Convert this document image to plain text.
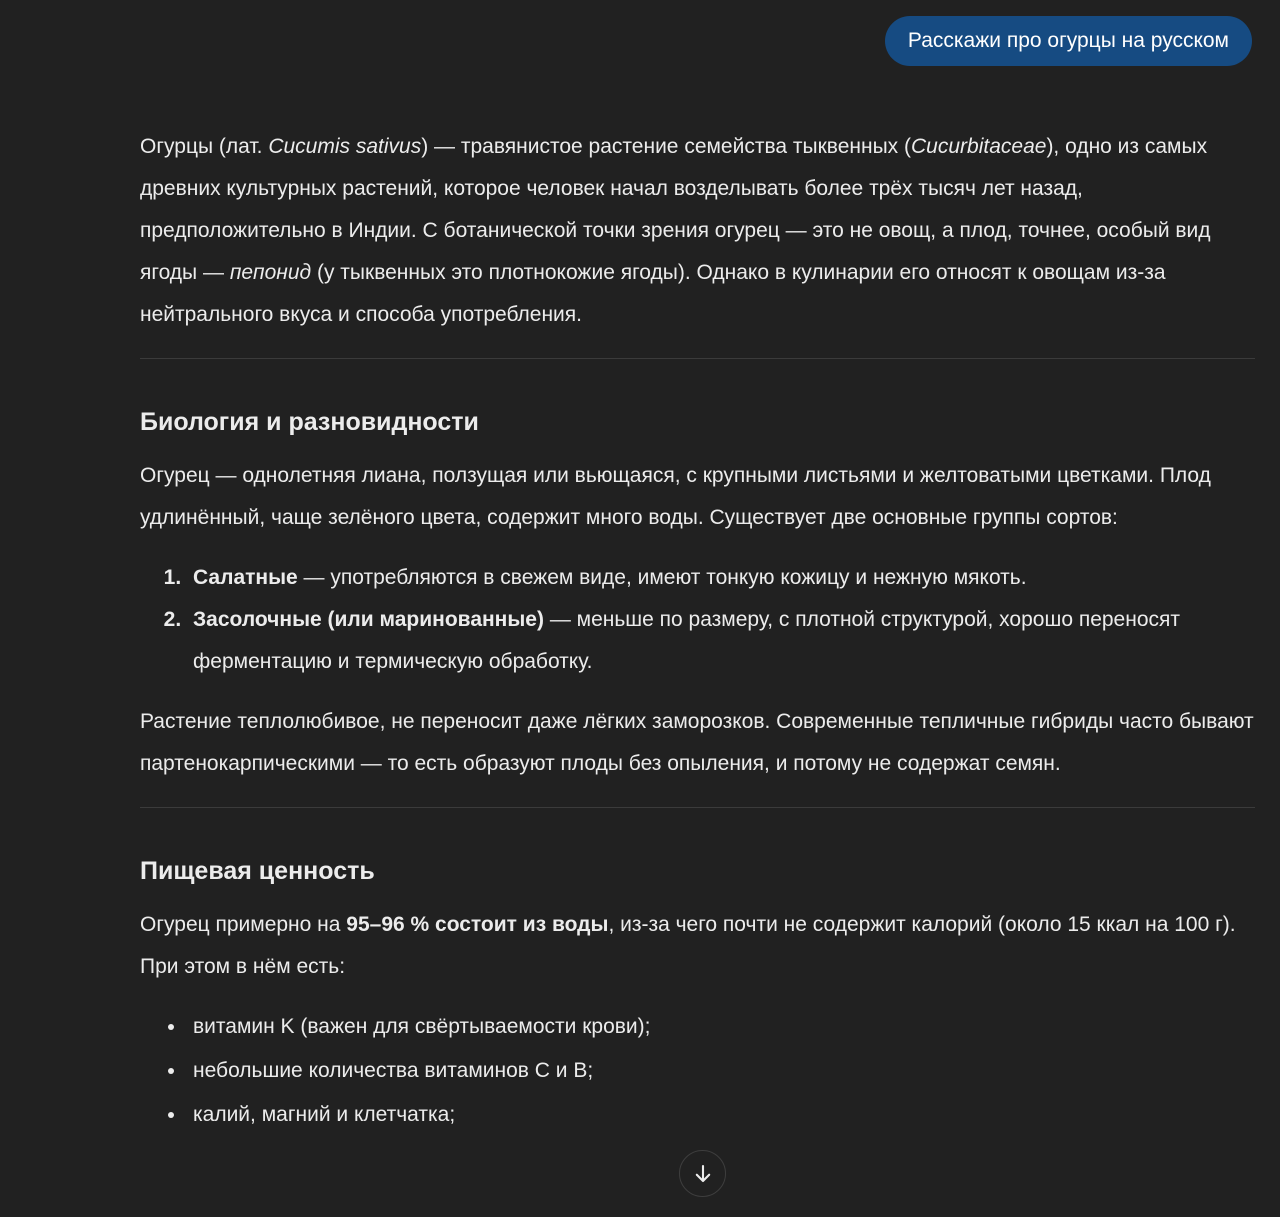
Расскажи про огурцы на русском

Огурцы (лат. Cucumis sativus) — травянистое растение семейства тыквенных (Cucurbitaceae), одно из самых древних культурных растений, которое человек начал возделывать более трёх тысяч лет назад, предположительно в Индии. С ботанической точки зрения огурец — это не овощ, а плод, точнее, особый вид ягоды — пепонид (у тыквенных это плотнокожие ягоды). Однако в кулинарии его относят к овощам из-за нейтрального вкуса и способа употребления.

Биология и разновидности

Огурец — однолетняя лиана, ползущая или вьющаяся, с крупными листьями и желтоватыми цветками. Плод удлинённый, чаще зелёного цвета, содержит много воды. Существует две основные группы сортов:

1. Салатные — употребляются в свежем виде, имеют тонкую кожицу и нежную мякоть.
2. Засолочные (или маринованные) — меньше по размеру, с плотной структурой, хорошо переносят ферментацию и термическую обработку.

Растение теплолюбивое, не переносит даже лёгких заморозков. Современные тепличные гибриды часто бывают партенокарпическими — то есть образуют плоды без опыления, и потому не содержат семян.

Пищевая ценность

Огурец примерно на 95–96 % состоит из воды, из-за чего почти не содержит калорий (около 15 ккал на 100 г). При этом в нём есть:

• витамин K (важен для свёртываемости крови);
• небольшие количества витаминов C и B;
• калий, магний и клетчатка;
